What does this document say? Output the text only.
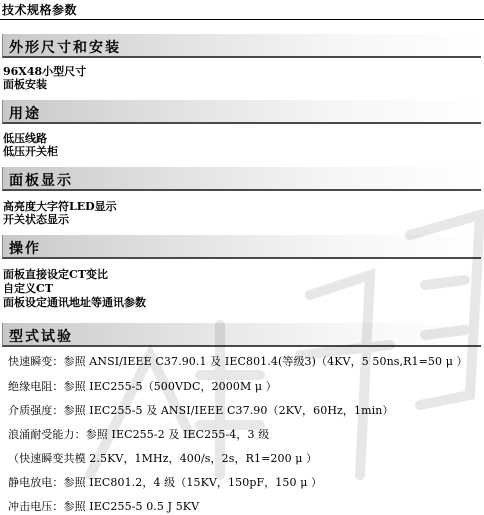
技术规格参数
外形尺寸和安装
96X48小型尺寸
面板安装
用途
低压线路
低压开关柜
面板显示
高亮度大字符LED显示
开关状态显示
操作
面板直接设定CT变比
自定义CT
面板设定通讯地址等通讯参数
型式试验
快速瞬变：参照 ANSI/IEEE C37.90.1 及 IEC801.4(等级3)（4KV，5 50ns,R1=50 μ ）
绝缘电阻：参照 IEC255-5（500VDC，2000M μ ）
介质强度：参照 IEC255-5 及 ANSI/IEEE C37.90（2KV，60Hz，1min）
浪涌耐受能力：参照 IEC255-2 及 IEC255-4，3 级
（快速瞬变共模 2.5KV，1MHz，400/s，2s，R1=200 μ ）
静电放电：参照 IEC801.2，4 级（15KV，150pF，150 μ ）
冲击电压：参照 IEC255-5 0.5 J 5KV
